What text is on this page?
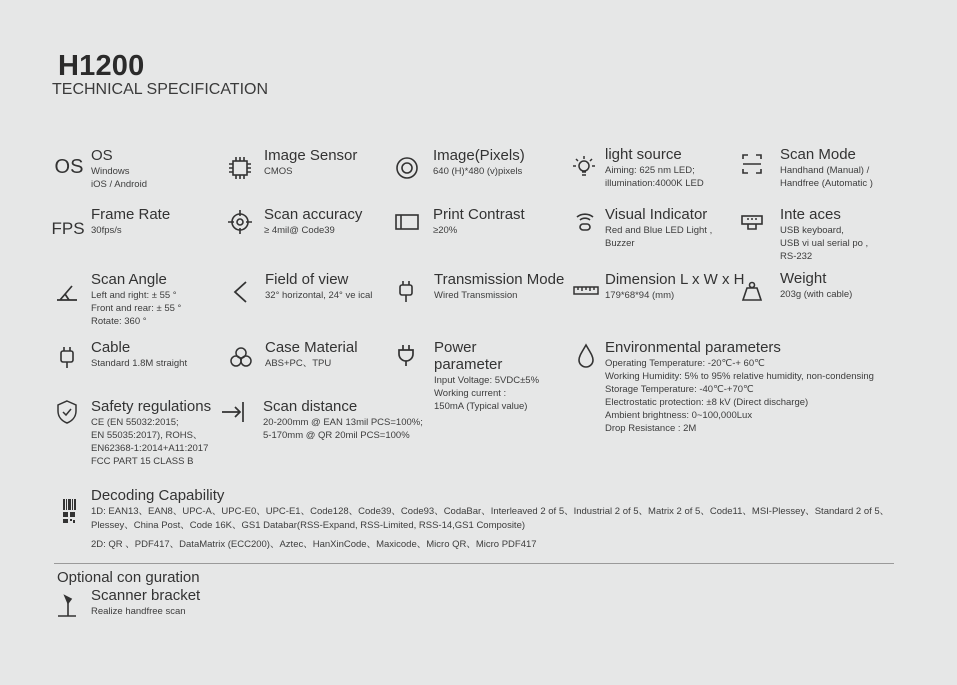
H1200
TECHNICAL SPECIFICATION
OS OS
Windows
iOS / Android
Image Sensor
CMOS
Image(Pixels)
640 (H)*480 (v)pixels
light source
Aiming: 625 nm LED;
illumination:4000K LED
Scan Mode
Handhand (Manual) /
Handfree (Automatic )
FPS
Frame Rate
30fps/s
Scan accuracy
≥ 4mil@ Code39
Print Contrast
≥20%
Visual Indicator
Red and Blue LED Light ,
Buzzer
Inte aces
USB keyboard,
USB vi ual serial po ,
RS-232
Scan Angle
Left and right: ± 55 °
Front and rear: ± 55 °
Rotate: 360 °
Field of view
32° horizontal, 24° ve ical
Transmission Mode
Wired Transmission
Dimension L x W x H
179*68*94 (mm)
Weight
203g (with cable)
Cable
Standard 1.8M straight
Case Material
ABS+PC、TPU
Power
parameter
Input Voltage: 5VDC±5%
Working current :
150mA (Typical value)
Environmental parameters
Operating Temperature: -20℃-+ 60℃
Working Humidity: 5% to 95% relative humidity, non-condensing
Storage Temperature: -40℃-+70℃
Electrostatic protection: ±8 kV (Direct discharge)
Ambient brightness: 0~100,000Lux
Drop Resistance : 2M
Safety regulations
CE (EN 55032:2015;
EN 55035:2017), ROHS、
EN62368-1:2014+A11:2017
FCC PART 15 CLASS B
Scan distance
20-200mm @ EAN 13mil PCS=100%;
5-170mm @ QR 20mil PCS=100%
Decoding Capability
1D: EAN13、EAN8、UPC-A、UPC-E0、UPC-E1、Code128、Code39、Code93、CodaBar、Interleaved 2 of 5、Industrial 2 of 5、Matrix 2 of 5、Code11、MSI-Plessey、Standard 2 of 5、Plessey、China Post、Code 16K、GS1 Databar(RSS-Expand, RSS-Limited, RSS-14,GS1 Composite)
2D: QR 、PDF417、DataMatrix (ECC200)、Aztec、HanXinCode、Maxicode、Micro QR、Micro PDF417
Optional con guration
Scanner bracket
Realize handfree scan
